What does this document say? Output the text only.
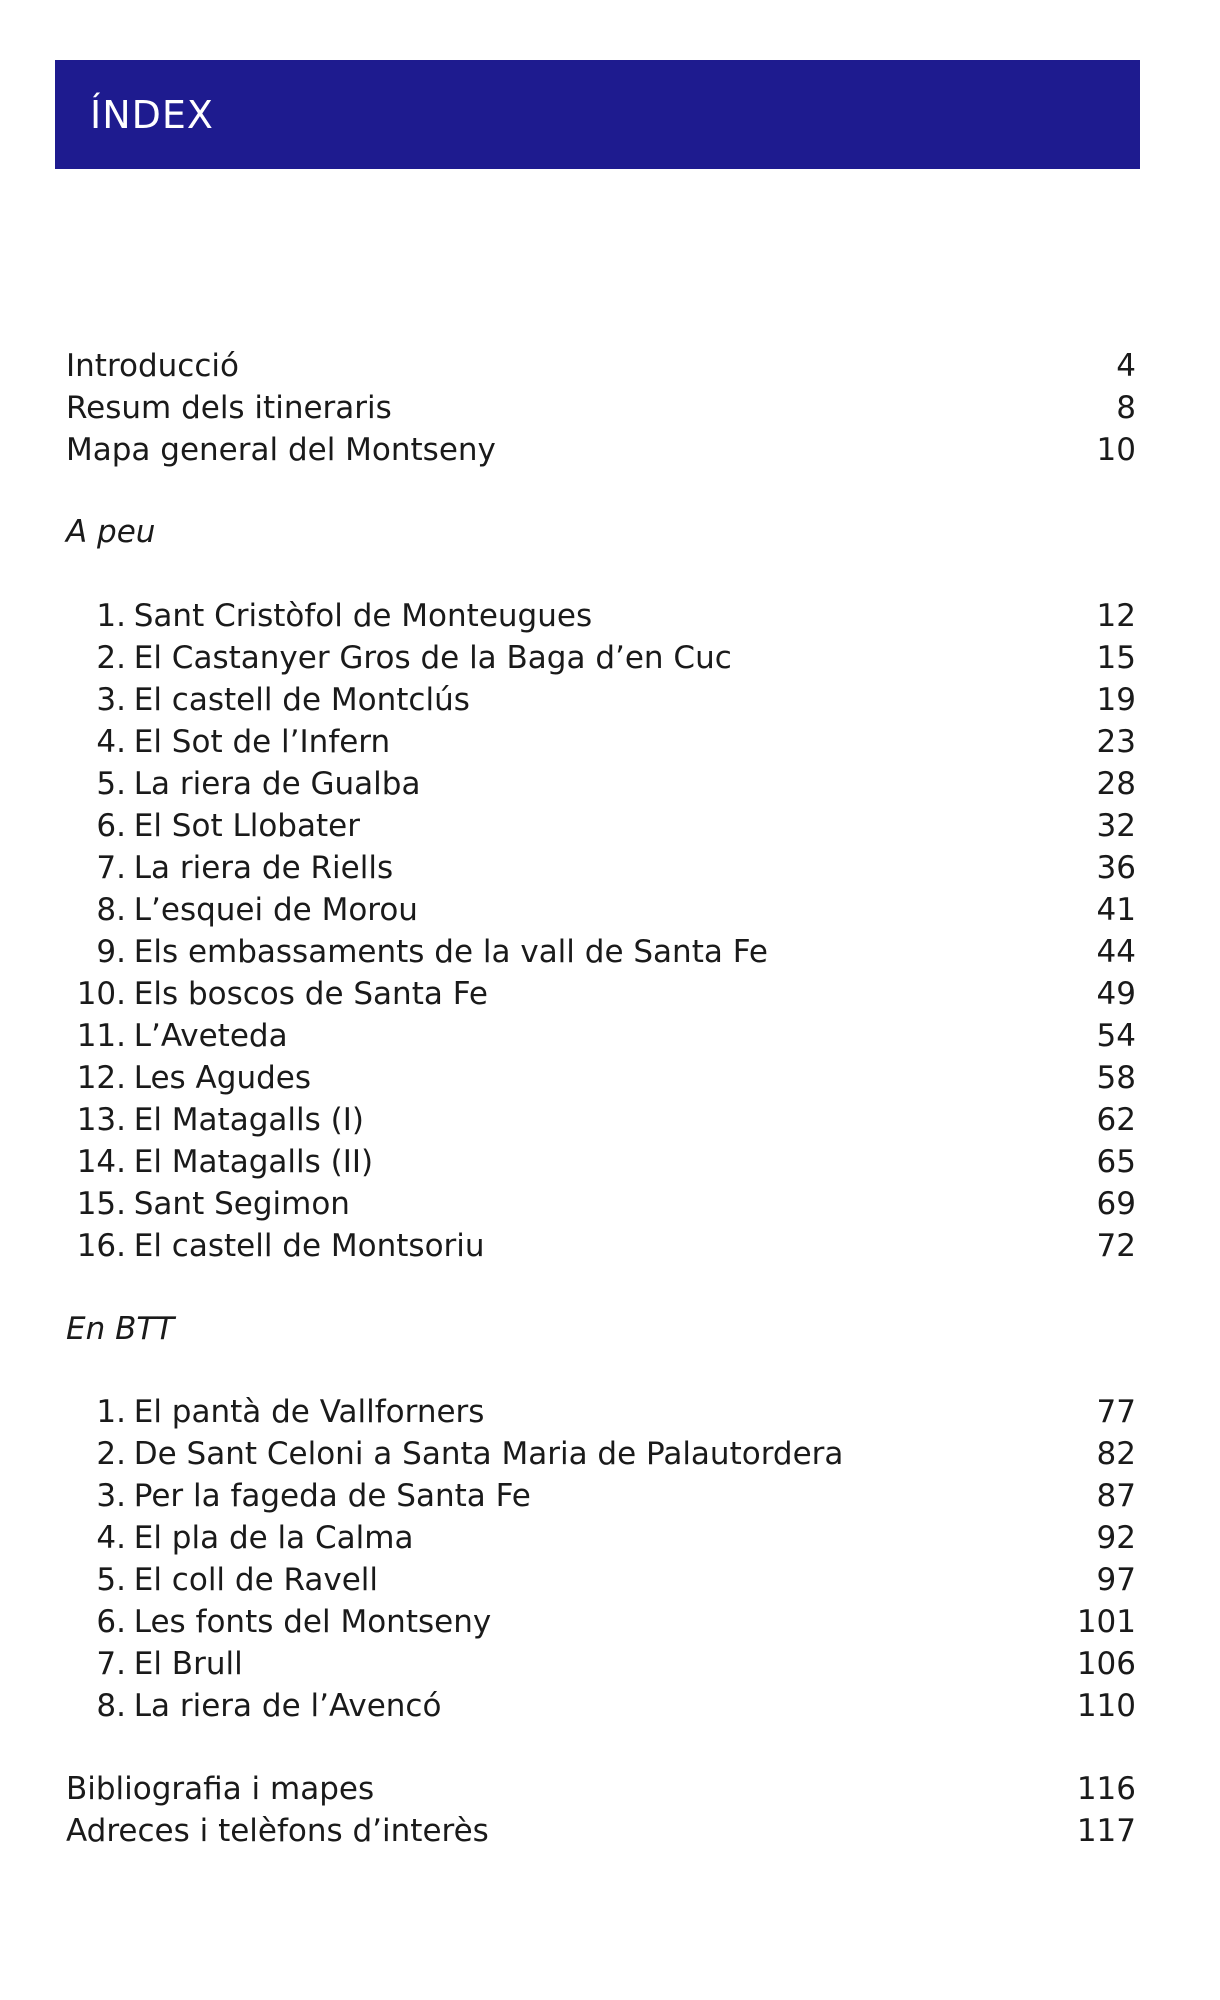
ÍNDEX
Introducció	4
Resum dels itineraris	8
Mapa general del Montseny	10
A peu
1. Sant Cristòfol de Monteugues	12
2. El Castanyer Gros de la Baga d’en Cuc	15
3. El castell de Montclús	19
4. El Sot de l’Infern	23
5. La riera de Gualba	28
6. El Sot Llobater	32
7. La riera de Riells	36
8. L’esquei de Morou	41
9. Els embassaments de la vall de Santa Fe	44
10. Els boscos de Santa Fe	49
11. L’Aveteda	54
12. Les Agudes	58
13. El Matagalls (I)	62
14. El Matagalls (II)	65
15. Sant Segimon	69
16. El castell de Montsoriu	72
En BTT
1. El pantà de Vallforners	77
2. De Sant Celoni a Santa Maria de Palautordera	82
3. Per la fageda de Santa Fe	87
4. El pla de la Calma	92
5. El coll de Ravell	97
6. Les fonts del Montseny	101
7. El Brull	106
8. La riera de l’Avencó	110
Bibliografia i mapes	116
Adreces i telèfons d’interès	117
